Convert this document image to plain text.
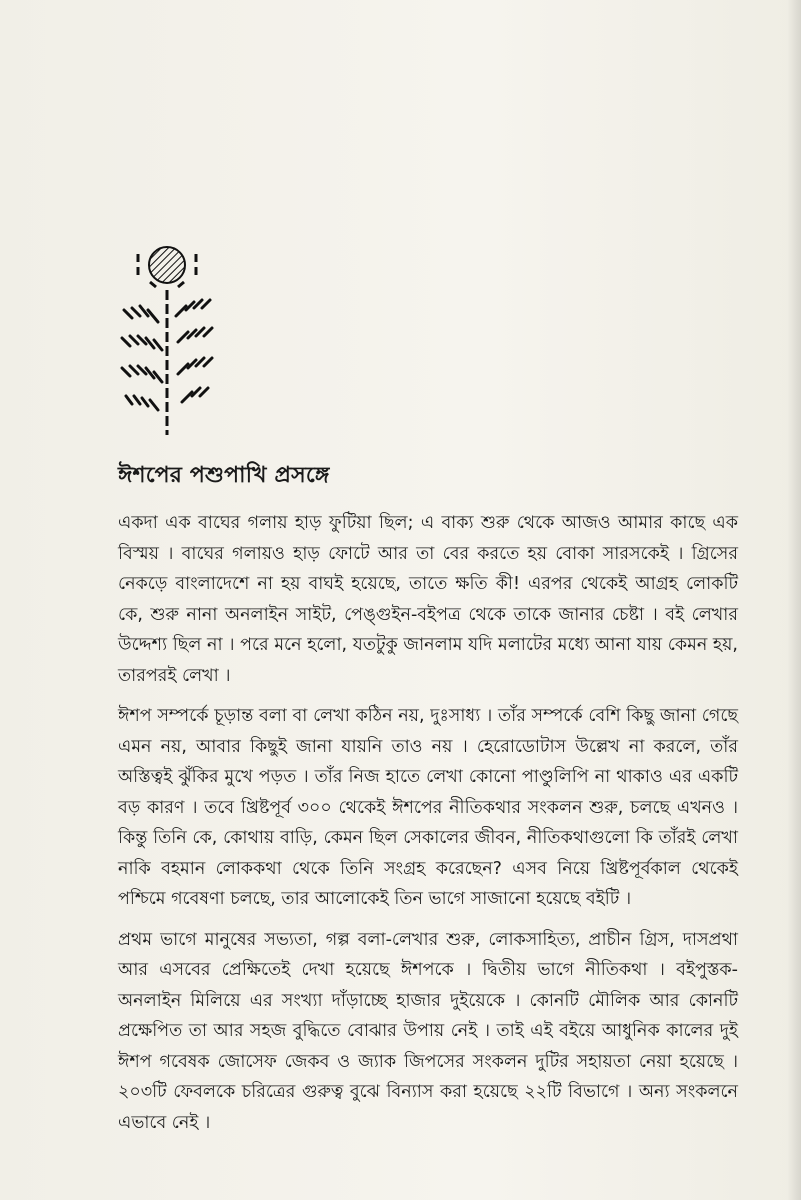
ঈশপের পশুপাখি প্রসঙ্গে

একদা এক বাঘের গলায় হাড় ফুটিয়া ছিল; এ বাক্য শুরু থেকে আজও আমার কাছে এক বিস্ময় । বাঘের গলায়ও হাড় ফোটে আর তা বের করতে হয় বোকা সারসকেই । গ্রিসের নেকড়ে বাংলাদেশে না হয় বাঘই হয়েছে, তাতে ক্ষতি কী! এরপর থেকেই আগ্রহ লোকটি কে, শুরু নানা অনলাইন সাইট, পেঙ্গুইন-বইপত্র থেকে তাকে জানার চেষ্টা । বই লেখার উদ্দেশ্য ছিল না । পরে মনে হলো, যতটুকু জানলাম যদি মলাটের মধ্যে আনা যায় কেমন হয়, তারপরই লেখা ।

ঈশপ সম্পর্কে চূড়ান্ত বলা বা লেখা কঠিন নয়, দুঃসাধ্য । তাঁর সম্পর্কে বেশি কিছু জানা গেছে এমন নয়, আবার কিছুই জানা যায়নি তাও নয় । হেরোডোটাস উল্লেখ না করলে, তাঁর অস্তিত্বই ঝুঁকির মুখে পড়ত । তাঁর নিজ হাতে লেখা কোনো পাণ্ডুলিপি না থাকাও এর একটি বড় কারণ । তবে খ্রিষ্টপূর্ব ৩০০ থেকেই ঈশপের নীতিকথার সংকলন শুরু, চলছে এখনও । কিন্তু তিনি কে, কোথায় বাড়ি, কেমন ছিল সেকালের জীবন, নীতিকথাগুলো কি তাঁরই লেখা নাকি বহমান লোককথা থেকে তিনি সংগ্রহ করেছেন? এসব নিয়ে খ্রিষ্টপূর্বকাল থেকেই পশ্চিমে গবেষণা চলছে, তার আলোকেই তিন ভাগে সাজানো হয়েছে বইটি ।

প্রথম ভাগে মানুষের সভ্যতা, গল্প বলা-লেখার শুরু, লোকসাহিত্য, প্রাচীন গ্রিস, দাসপ্রথা আর এসবের প্রেক্ষিতেই দেখা হয়েছে ঈশপকে । দ্বিতীয় ভাগে নীতিকথা । বইপুস্তক-অনলাইন মিলিয়ে এর সংখ্যা দাঁড়াচ্ছে হাজার দুইয়েকে । কোনটি মৌলিক আর কোনটি প্রক্ষেপিত তা আর সহজ বুদ্ধিতে বোঝার উপায় নেই । তাই এই বইয়ে আধুনিক কালের দুই ঈশপ গবেষক জোসেফ জেকব ও জ্যাক জিপসের সংকলন দুটির সহায়তা নেয়া হয়েছে । ২০৩টি ফেবলকে চরিত্রের গুরুত্ব বুঝে বিন্যাস করা হয়েছে ২২টি বিভাগে । অন্য সংকলনে এভাবে নেই ।
